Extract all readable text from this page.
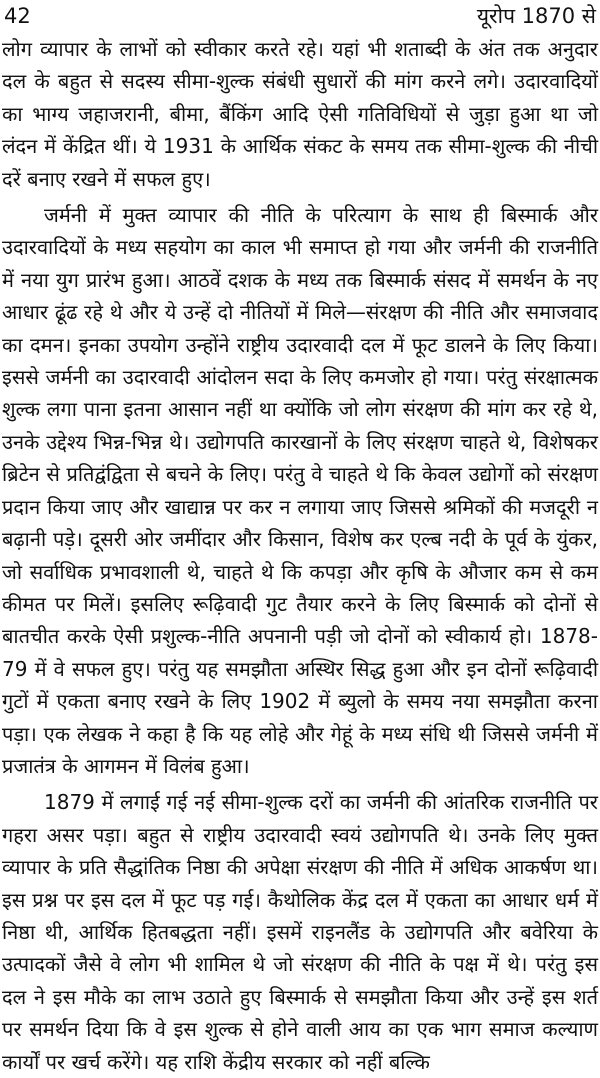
42	यूरोप 1870 से

लोग व्यापार के लाभों को स्वीकार करते रहे। यहां भी शताब्दी के अंत तक अनुदार दल के बहुत से सदस्य सीमा-शुल्क संबंधी सुधारों की मांग करने लगे। उदारवादियों का भाग्य जहाजरानी, बीमा, बैंकिंग आदि ऐसी गतिविधियों से जुड़ा हुआ था जो लंदन में केंद्रित थीं। ये 1931 के आर्थिक संकट के समय तक सीमा-शुल्क की नीची दरें बनाए रखने में सफल हुए।

जर्मनी में मुक्त व्यापार की नीति के परित्याग के साथ ही बिस्मार्क और उदारवादियों के मध्य सहयोग का काल भी समाप्त हो गया और जर्मनी की राजनीति में नया युग प्रारंभ हुआ। आठवें दशक के मध्य तक बिस्मार्क संसद में समर्थन के नए आधार ढूंढ रहे थे और ये उन्हें दो नीतियों में मिले—संरक्षण की नीति और समाजवाद का दमन। इनका उपयोग उन्होंने राष्ट्रीय उदारवादी दल में फूट डालने के लिए किया। इससे जर्मनी का उदारवादी आंदोलन सदा के लिए कमजोर हो गया। परंतु संरक्षात्मक शुल्क लगा पाना इतना आसान नहीं था क्योंकि जो लोग संरक्षण की मांग कर रहे थे, उनके उद्देश्य भिन्न-भिन्न थे। उद्योगपति कारखानों के लिए संरक्षण चाहते थे, विशेषकर ब्रिटेन से प्रतिद्वंद्विता से बचने के लिए। परंतु वे चाहते थे कि केवल उद्योगों को संरक्षण प्रदान किया जाए और खाद्यान्न पर कर न लगाया जाए जिससे श्रमिकों की मजदूरी न बढ़ानी पड़े। दूसरी ओर जमींदार और किसान, विशेष कर एल्ब नदी के पूर्व के युंकर, जो सर्वाधिक प्रभावशाली थे, चाहते थे कि कपड़ा और कृषि के औजार कम से कम कीमत पर मिलें। इसलिए रूढ़िवादी गुट तैयार करने के लिए बिस्मार्क को दोनों से बातचीत करके ऐसी प्रशुल्क-नीति अपनानी पड़ी जो दोनों को स्वीकार्य हो। 1878-79 में वे सफल हुए। परंतु यह समझौता अस्थिर सिद्ध हुआ और इन दोनों रूढ़िवादी गुटों में एकता बनाए रखने के लिए 1902 में ब्युलो के समय नया समझौता करना पड़ा। एक लेखक ने कहा है कि यह लोहे और गेहूं के मध्य संधि थी जिससे जर्मनी में प्रजातंत्र के आगमन में विलंब हुआ।

1879 में लगाई गई नई सीमा-शुल्क दरों का जर्मनी की आंतरिक राजनीति पर गहरा असर पड़ा। बहुत से राष्ट्रीय उदारवादी स्वयं उद्योगपति थे। उनके लिए मुक्त व्यापार के प्रति सैद्धांतिक निष्ठा की अपेक्षा संरक्षण की नीति में अधिक आकर्षण था। इस प्रश्न पर इस दल में फूट पड़ गई। कैथोलिक केंद्र दल में एकता का आधार धर्म में निष्ठा थी, आर्थिक हितबद्धता नहीं। इसमें राइनलैंड के उद्योगपति और बवेरिया के उत्पादकों जैसे वे लोग भी शामिल थे जो संरक्षण की नीति के पक्ष में थे। परंतु इस दल ने इस मौके का लाभ उठाते हुए बिस्मार्क से समझौता किया और उन्हें इस शर्त पर समर्थन दिया कि वे इस शुल्क से होने वाली आय का एक भाग समाज कल्याण कार्यों पर खर्च करेंगे। यह राशि केंद्रीय सरकार को नहीं बल्कि
